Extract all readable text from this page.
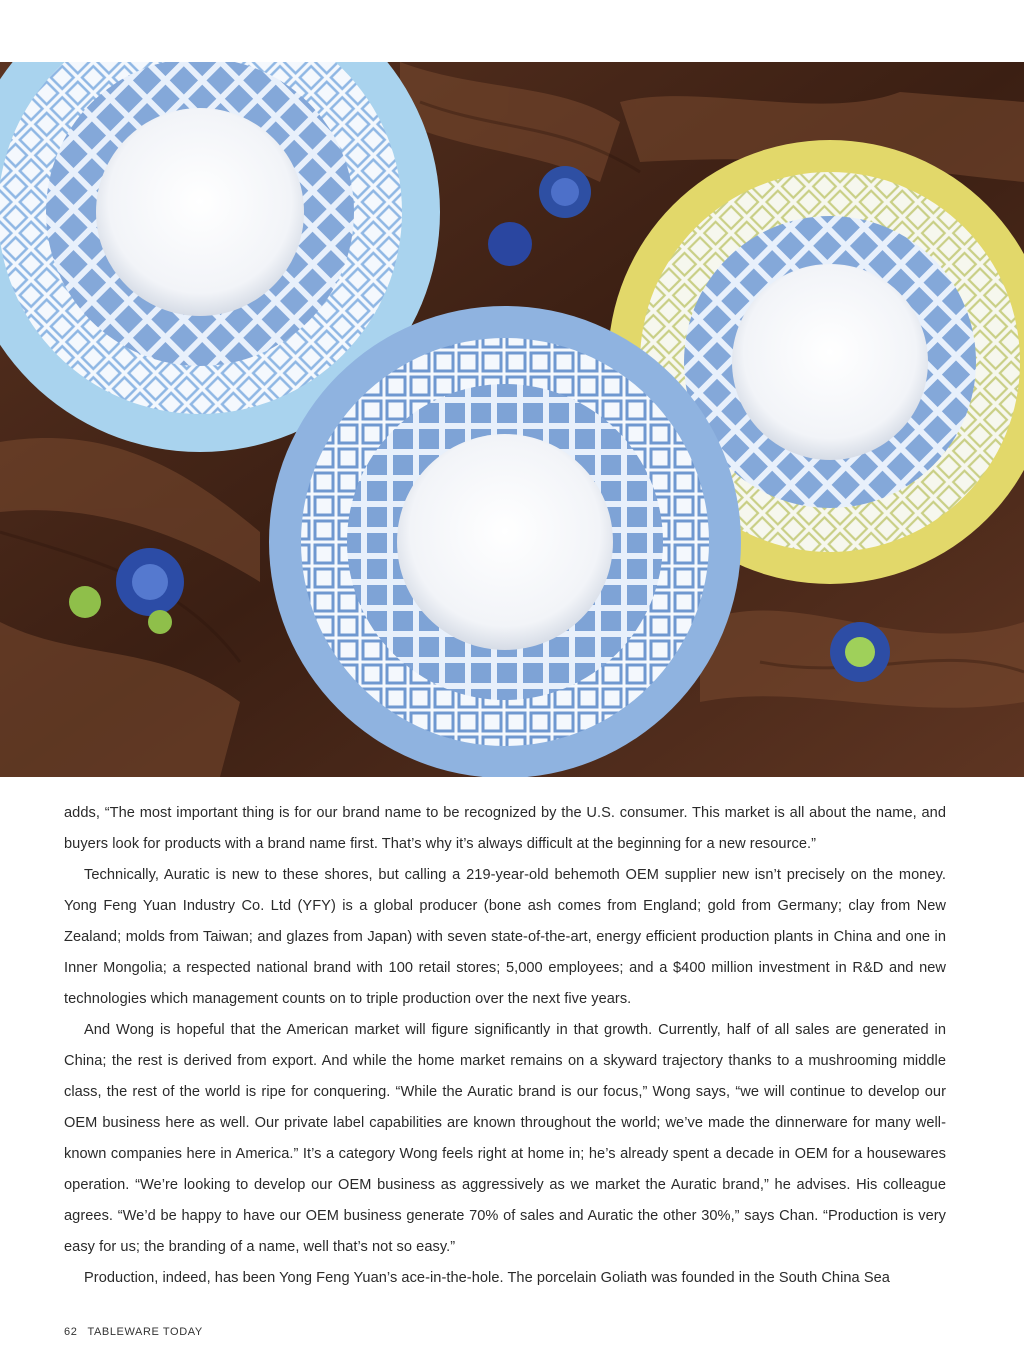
adds, “The most important thing is for our brand name to be recognized by the U.S. consumer. This market is all about the name, and buyers look for products with a brand name first. That’s why it’s always difficult at the beginning for a new resource.”

Technically, Auratic is new to these shores, but calling a 219-year-old behemoth OEM supplier new isn’t precisely on the money. Yong Feng Yuan Industry Co. Ltd (YFY) is a global producer (bone ash comes from England; gold from Germany; clay from New Zealand; molds from Taiwan; and glazes from Japan) with seven state-of-the-art, energy efficient production plants in China and one in Inner Mongolia; a respected national brand with 100 retail stores; 5,000 employees; and a $400 million investment in R&D and new technologies which management counts on to triple production over the next five years.

And Wong is hopeful that the American market will figure significantly in that growth. Currently, half of all sales are generated in China; the rest is derived from export. And while the home market remains on a skyward trajectory thanks to a mushrooming middle class, the rest of the world is ripe for conquering. “While the Auratic brand is our focus,” Wong says, “we will continue to develop our OEM business here as well. Our private label capabilities are known throughout the world; we’ve made the dinnerware for many well-known companies here in America.” It’s a category Wong feels right at home in; he’s already spent a decade in OEM for a housewares operation. “We’re looking to develop our OEM business as aggressively as we market the Auratic brand,” he advises. His colleague agrees. “We’d be happy to have our OEM business generate 70% of sales and Auratic the other 30%,” says Chan. “Production is very easy for us; the branding of a name, well that’s not so easy.”

Production, indeed, has been Yong Feng Yuan’s ace-in-the-hole. The porcelain Goliath was founded in the South China Sea

62 TABLEWARE TODAY
